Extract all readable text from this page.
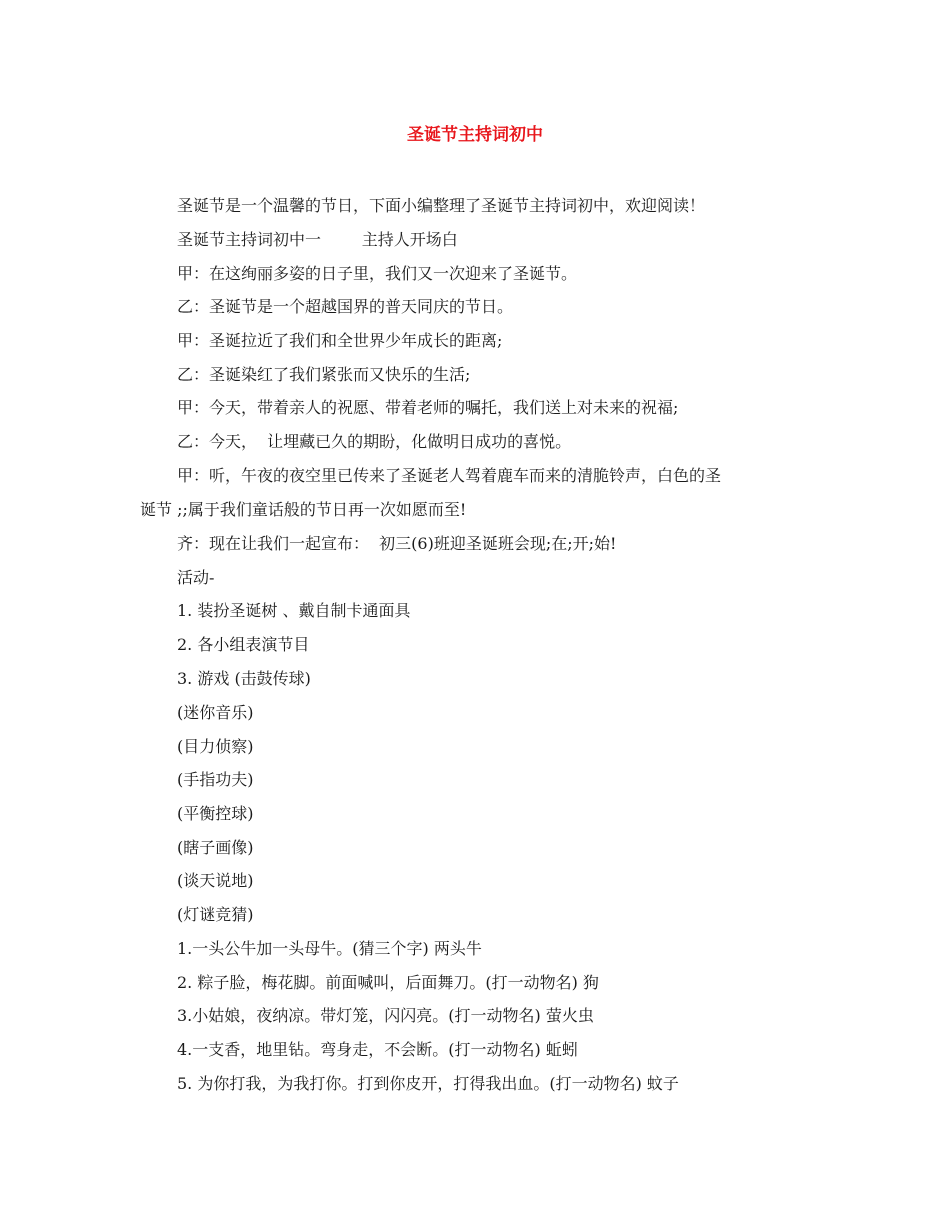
圣诞节主持词初中
圣诞节是一个温馨的节日，下面小编整理了圣诞节主持词初中，欢迎阅读！
圣诞节主持词初中一        主持人开场白
甲：在这绚丽多姿的日子里，我们又一次迎来了圣诞节。
乙：圣诞节是一个超越国界的普天同庆的节日。
甲：圣诞拉近了我们和全世界少年成长的距离;
乙：圣诞染红了我们紧张而又快乐的生活;
甲：今天，带着亲人的祝愿、带着老师的嘱托，我们送上对未来的祝福;
乙：今天，  让埋藏已久的期盼，化做明日成功的喜悦。
甲：听，午夜的夜空里已传来了圣诞老人驾着鹿车而来的清脆铃声，白色的圣
诞节 ;;属于我们童话般的节日再一次如愿而至!
齐：现在让我们一起宣布：  初三(6)班迎圣诞班会现;在;开;始!
活动-
1. 装扮圣诞树 、戴自制卡通面具
2. 各小组表演节目
3. 游戏 (击鼓传球)
(迷你音乐)
(目力侦察)
(手指功夫)
(平衡控球)
(瞎子画像)
(谈天说地)
(灯谜竞猜)
1.一头公牛加一头母牛。(猜三个字) 两头牛
2. 粽子脸，梅花脚。前面喊叫，后面舞刀。(打一动物名) 狗
3.小姑娘，夜纳凉。带灯笼，闪闪亮。(打一动物名) 萤火虫
4.一支香，地里钻。弯身走，不会断。(打一动物名) 蚯蚓
5. 为你打我，为我打你。打到你皮开，打得我出血。(打一动物名) 蚊子
